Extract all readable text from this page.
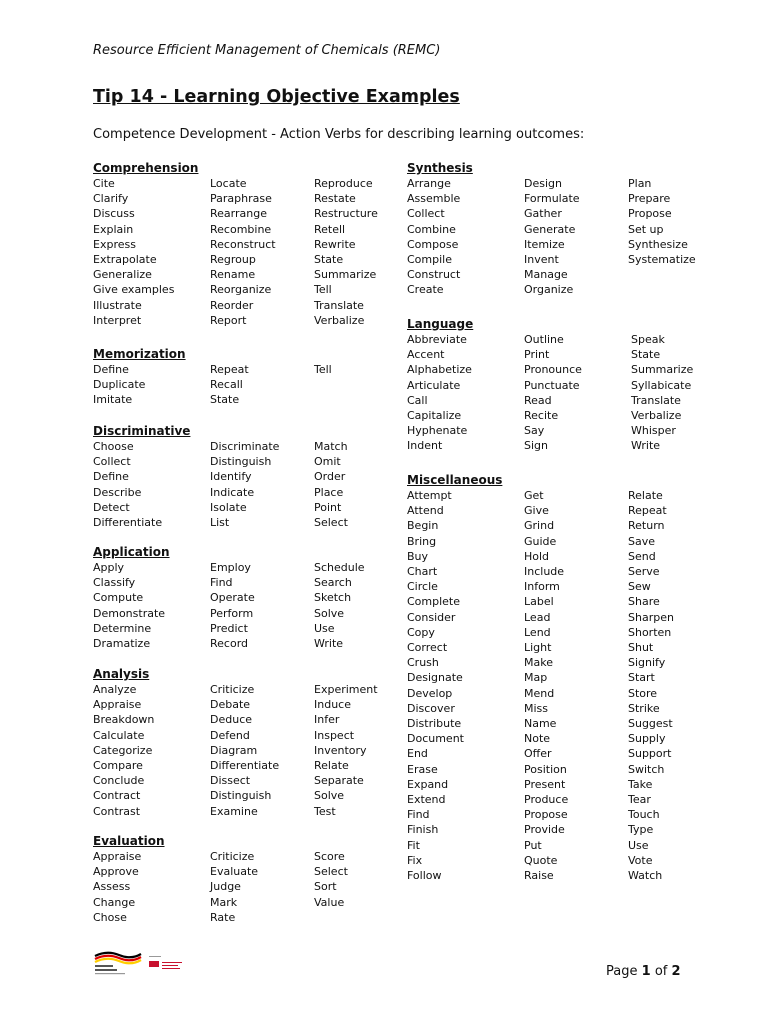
Resource Efficient Management of Chemicals (REMC)
Tip 14 - Learning Objective Examples
Competence Development - Action Verbs for describing learning outcomes:
Comprehension
Cite
Clarify
Discuss
Explain
Express
Extrapolate
Generalize
Give examples
Illustrate
Interpret
Locate
Paraphrase
Rearrange
Recombine
Reconstruct
Regroup
Rename
Reorganize
Reorder
Report
Reproduce
Restate
Restructure
Retell
Rewrite
State
Summarize
Tell
Translate
Verbalize
Memorization
Define
Duplicate
Imitate
Repeat
Recall
State
Tell
Discriminative
Choose
Collect
Define
Describe
Detect
Differentiate
Discriminate
Distinguish
Identify
Indicate
Isolate
List
Match
Omit
Order
Place
Point
Select
Application
Apply
Classify
Compute
Demonstrate
Determine
Dramatize
Employ
Find
Operate
Perform
Predict
Record
Schedule
Search
Sketch
Solve
Use
Write
Analysis
Analyze
Appraise
Breakdown
Calculate
Categorize
Compare
Conclude
Contract
Contrast
Criticize
Debate
Deduce
Defend
Diagram
Differentiate
Dissect
Distinguish
Examine
Experiment
Induce
Infer
Inspect
Inventory
Relate
Separate
Solve
Test
Evaluation
Appraise
Approve
Assess
Change
Chose
Criticize
Evaluate
Judge
Mark
Rate
Score
Select
Sort
Value
Synthesis
Arrange
Assemble
Collect
Combine
Compose
Compile
Construct
Create
Design
Formulate
Gather
Generate
Itemize
Invent
Manage
Organize
Plan
Prepare
Propose
Set up
Synthesize
Systematize
Language
Abbreviate
Accent
Alphabetize
Articulate
Call
Capitalize
Hyphenate
Indent
Outline
Print
Pronounce
Punctuate
Read
Recite
Say
Sign
Speak
State
Summarize
Syllabicate
Translate
Verbalize
Whisper
Write
Miscellaneous
Attempt
Attend
Begin
Bring
Buy
Chart
Circle
Complete
Consider
Copy
Correct
Crush
Designate
Develop
Discover
Distribute
Document
End
Erase
Expand
Extend
Find
Finish
Fit
Fix
Follow
Get
Give
Grind
Guide
Hold
Include
Inform
Label
Lead
Lend
Light
Make
Map
Mend
Miss
Name
Note
Offer
Position
Present
Produce
Propose
Provide
Put
Quote
Raise
Relate
Repeat
Return
Save
Send
Serve
Sew
Share
Sharpen
Shorten
Shut
Signify
Start
Store
Strike
Suggest
Supply
Support
Switch
Take
Tear
Touch
Type
Use
Vote
Watch
Page 1 of 2
